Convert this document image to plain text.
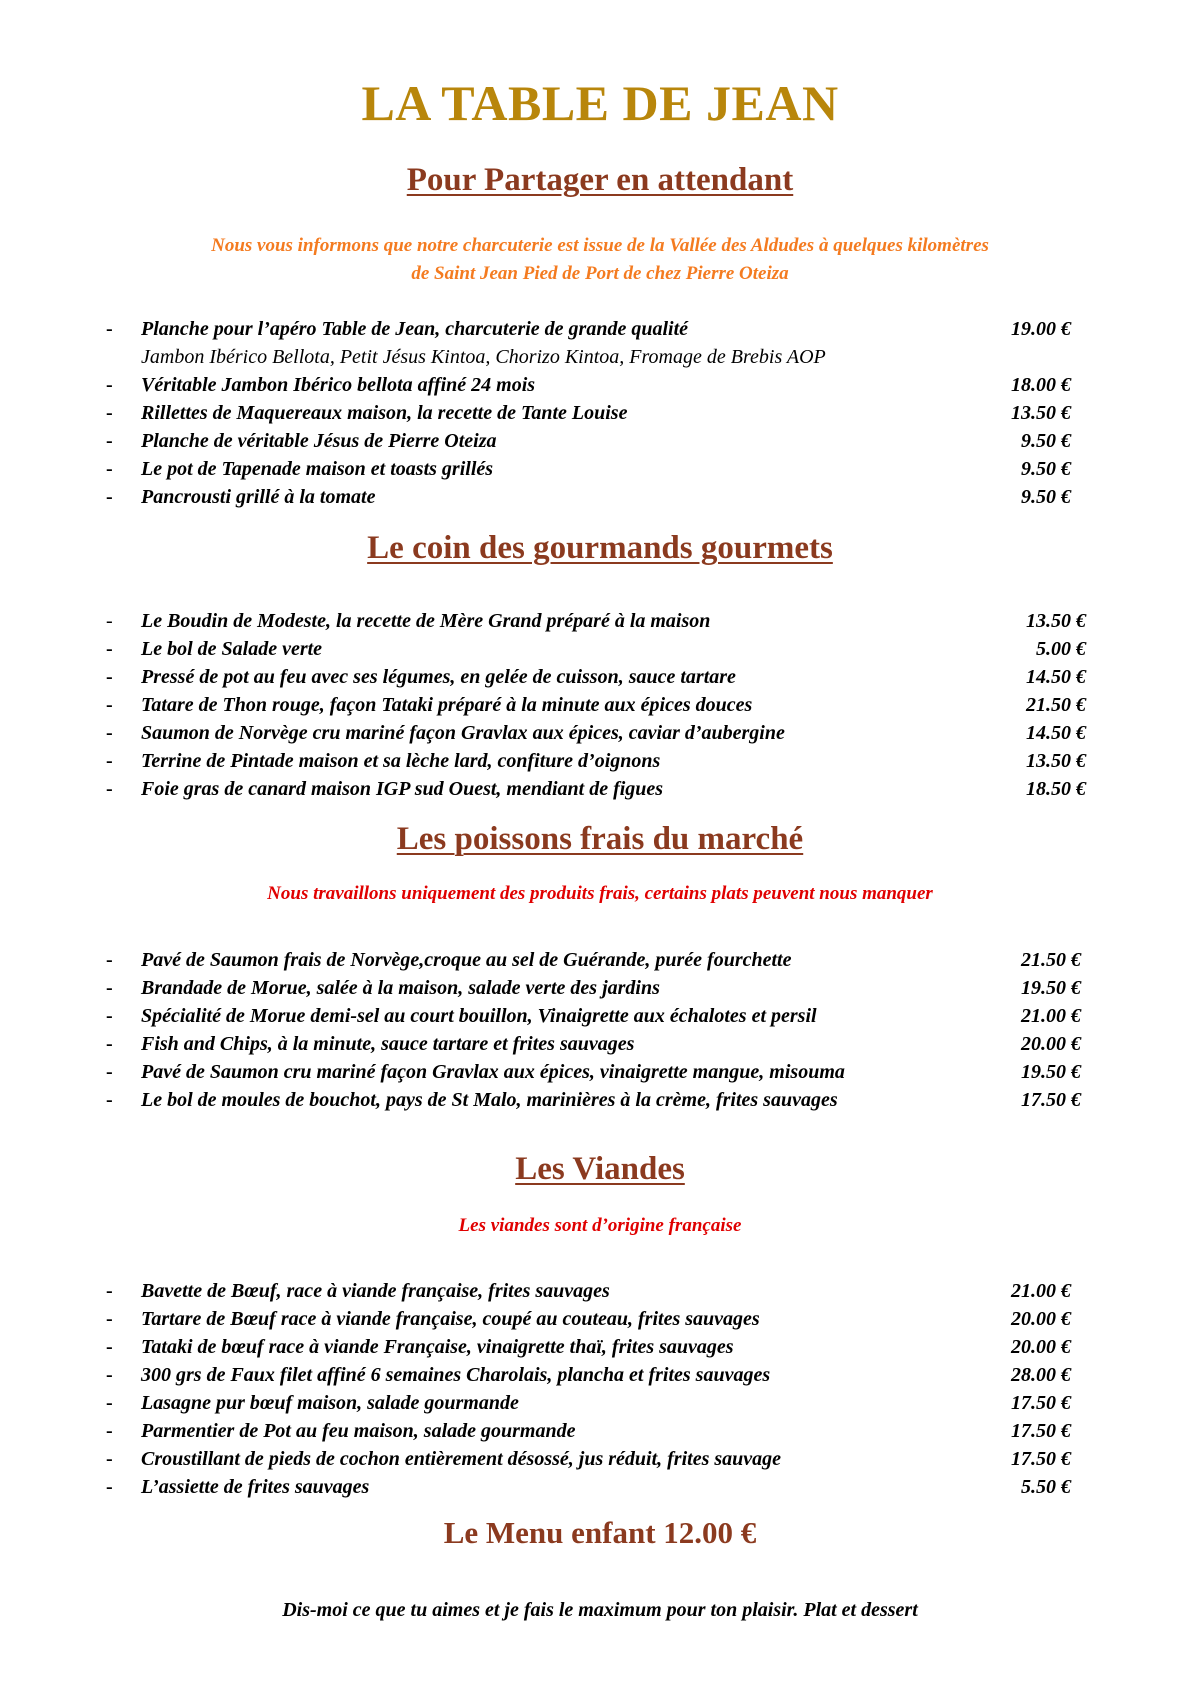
LA TABLE DE JEAN
Pour Partager en attendant

Nous vous informons que notre charcuterie est issue de la Vallée des Aldudes à quelques kilomètres
de Saint Jean Pied de Port de chez Pierre Oteiza

- Planche pour l’apéro Table de Jean, charcuterie de grande qualité	19.00 €
Jambon Ibérico Bellota, Petit Jésus Kintoa, Chorizo Kintoa, Fromage de Brebis AOP
- Véritable Jambon Ibérico bellota affiné 24 mois	18.00 €
- Rillettes de Maquereaux maison, la recette de Tante Louise	13.50 €
- Planche de véritable Jésus de Pierre Oteiza	9.50 €
- Le pot de Tapenade maison et toasts grillés	9.50 €
- Pancrousti grillé à la tomate	9.50 €
Le coin des gourmands gourmets
- Le Boudin de Modeste, la recette de Mère Grand préparé à la maison	13.50 €
- Le bol de Salade verte	5.00 €
- Pressé de pot au feu avec ses légumes, en gelée de cuisson, sauce tartare	14.50 €
- Tatare de Thon rouge, façon Tataki préparé à la minute aux épices douces	21.50 €
- Saumon de Norvège cru mariné façon Gravlax aux épices, caviar d’aubergine	14.50 €
- Terrine de Pintade maison et sa lèche lard, confiture d’oignons	13.50 €
- Foie gras de canard maison IGP sud Ouest, mendiant de figues	18.50 €
Les poissons frais du marché

Nous travaillons uniquement des produits frais, certains plats peuvent nous manquer

- Pavé de Saumon frais de Norvège,croque au sel de Guérande, purée fourchette	21.50 €
- Brandade de Morue, salée à la maison, salade verte des jardins	19.50 €
- Spécialité de Morue demi-sel au court bouillon, Vinaigrette aux échalotes et persil	21.00 €
- Fish and Chips, à la minute, sauce tartare et frites sauvages	20.00 €
- Pavé de Saumon cru mariné façon Gravlax aux épices, vinaigrette mangue, misouma	19.50 €
- Le bol de moules de bouchot, pays de St Malo, marinières à la crème, frites sauvages	17.50 €
Les Viandes

Les viandes sont d’origine française

- Bavette de Bœuf, race à viande française, frites sauvages	21.00 €
- Tartare de Bœuf race à viande française, coupé au couteau, frites sauvages	20.00 €
- Tataki de bœuf race à viande Française, vinaigrette thaï, frites sauvages	20.00 €
- 300 grs de Faux filet affiné 6 semaines Charolais, plancha et frites sauvages	28.00 €
- Lasagne pur bœuf maison, salade gourmande	17.50 €
- Parmentier de Pot au feu maison, salade gourmande	17.50 €
- Croustillant de pieds de cochon entièrement désossé, jus réduit, frites sauvage	17.50 €
- L’assiette de frites sauvages	5.50 €
Le Menu enfant 12.00 €

Dis-moi ce que tu aimes et je fais le maximum pour ton plaisir. Plat et dessert
